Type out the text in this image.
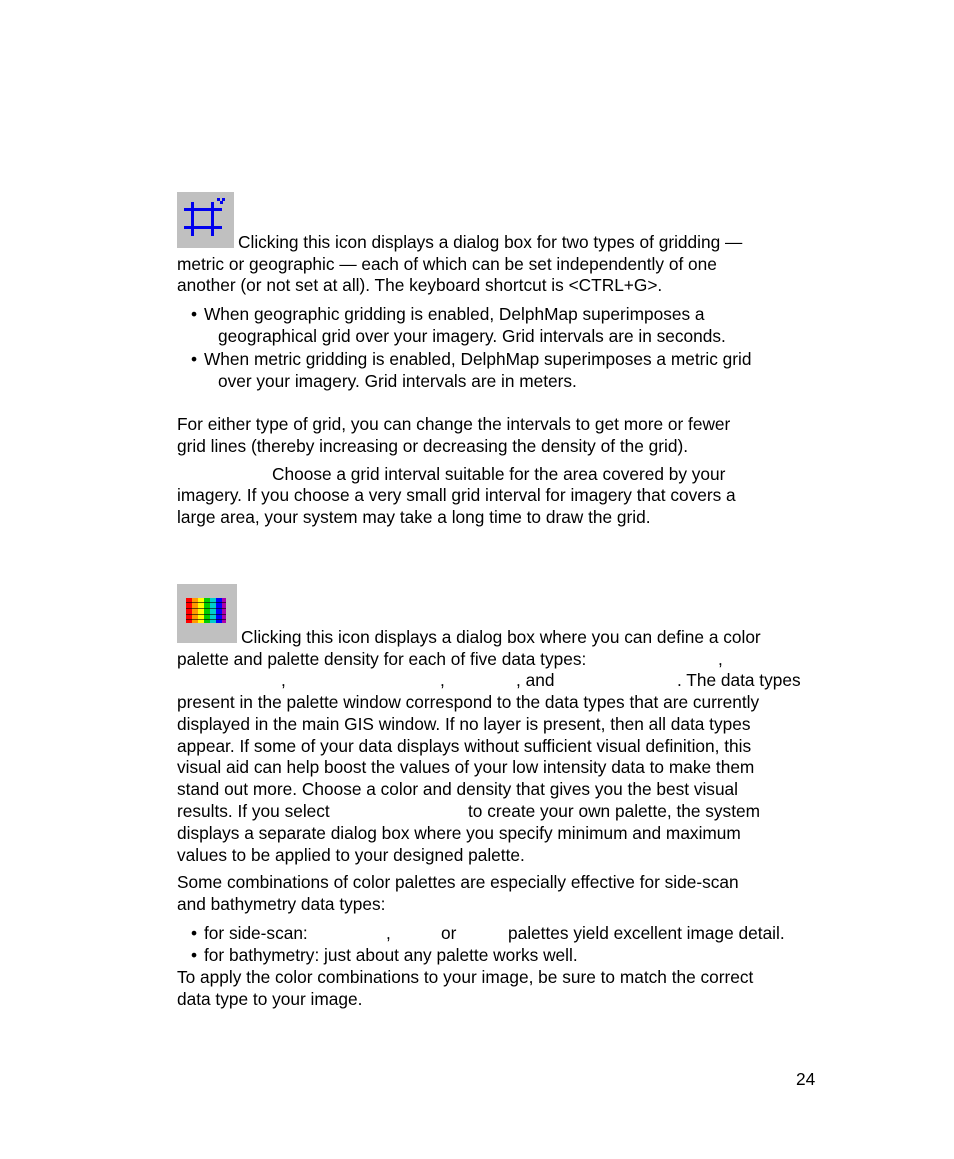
Clicking this icon displays a dialog box for two types of gridding —
metric or geographic — each of which can be set independently of one
another (or not set at all). The keyboard shortcut is <CTRL+G>.
• When geographic gridding is enabled, DelphMap superimposes a
geographical grid over your imagery. Grid intervals are in seconds.
• When metric gridding is enabled, DelphMap superimposes a metric grid
over your imagery. Grid intervals are in meters.
For either type of grid, you can change the intervals to get more or fewer
grid lines (thereby increasing or decreasing the density of the grid).
Choose a grid interval suitable for the area covered by your
imagery. If you choose a very small grid interval for imagery that covers a
large area, your system may take a long time to draw the grid.
Clicking this icon displays a dialog box where you can define a color
palette and palette density for each of five data types:	,
,	,	, and	. The data types
present in the palette window correspond to the data types that are currently
displayed in the main GIS window. If no layer is present, then all data types
appear. If some of your data displays without sufficient visual definition, this
visual aid can help boost the values of your low intensity data to make them
stand out more. Choose a color and density that gives you the best visual
results. If you select	to create your own palette, the system
displays a separate dialog box where you specify minimum and maximum
values to be applied to your designed palette.
Some combinations of color palettes are especially effective for side-scan
and bathymetry data types:
• for side-scan:	,	or	palettes yield excellent image detail.
• for bathymetry: just about any palette works well.
To apply the color combinations to your image, be sure to match the correct
data type to your image.
24
